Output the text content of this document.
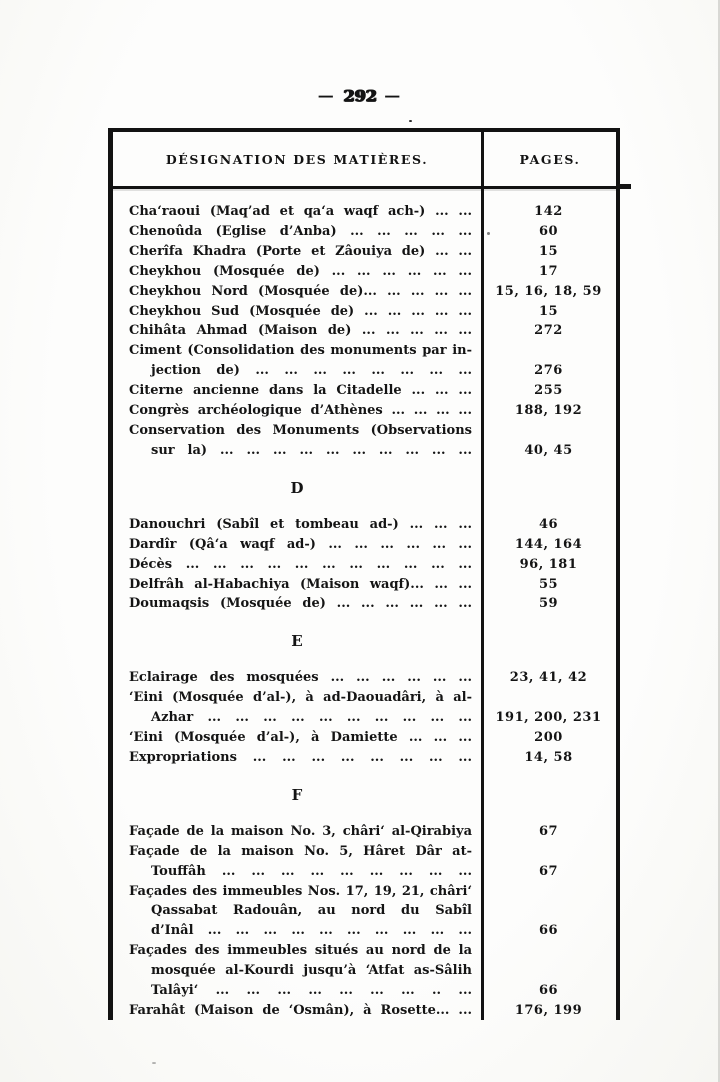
— 292 —
DÉSIGNATION DES MATIÈRES.	PAGES.
Cha‘raoui (Maq’ad et qa‘a waqf ach-) ... ...	142
Chenoûda (Eglise d’Anba) ... ... ... ... ...	60
Cherîfa Khadra (Porte et Zâouiya de) ... ...	15
Cheykhou (Mosquée de) ... ... ... ... ... ...	17
Cheykhou Nord (Mosquée de)... ... ... ... ...	15, 16, 18, 59
Cheykhou Sud (Mosquée de) ... ... ... ... ...	15
Chihâta Ahmad (Maison de) ... ... ... ... ...	272
Ciment (Consolidation des monuments par in-
jection de) ... ... ... ... ... ... ... ...	276
Citerne ancienne dans la Citadelle ... ... ...	255
Congrès archéologique d’Athènes ... ... ... ...	188, 192
Conservation des Monuments (Observations
sur la) ... ... ... ... ... ... ... ... ... ...	40, 45
D
Danouchri (Sabîl et tombeau ad-) ... ... ...	46
Dardîr (Qâ‘a waqf ad-) ... ... ... ... ... ...	144, 164
Décès ... ... ... ... ... ... ... ... ... ... ...	96, 181
Delfrâh al-Habachiya (Maison waqf)... ... ...	55
Doumaqsis (Mosquée de) ... ... ... ... ... ...	59
E
Eclairage des mosquées ... ... ... ... ... ...	23, 41, 42
‘Eini (Mosquée d’al-), à ad-Daouadâri, à al-
Azhar ... ... ... ... ... ... ... ... ... ...	191, 200, 231
‘Eini (Mosquée d’al-), à Damiette ... ... ...	200
Expropriations ... ... ... ... ... ... ... ...	14, 58
F
Façade de la maison No. 3, châri‘ al-Qirabiya	67
Façade de la maison No. 5, Hâret Dâr at-
Touffâh ... ... ... ... ... ... ... ... ...	67
Façades des immeubles Nos. 17, 19, 21, châri‘
Qassabat Radouân, au nord du Sabîl
d’Inâl ... ... ... ... ... ... ... ... ... ...	66
Façades des immeubles situés au nord de la
mosquée al-Kourdi jusqu’à ‘Atfat as-Sâlih
Talâyi‘ ... ... ... ... ... ... ... .. ...	66
Farahât (Maison de ‘Osmân), à Rosette... ...	176, 199
